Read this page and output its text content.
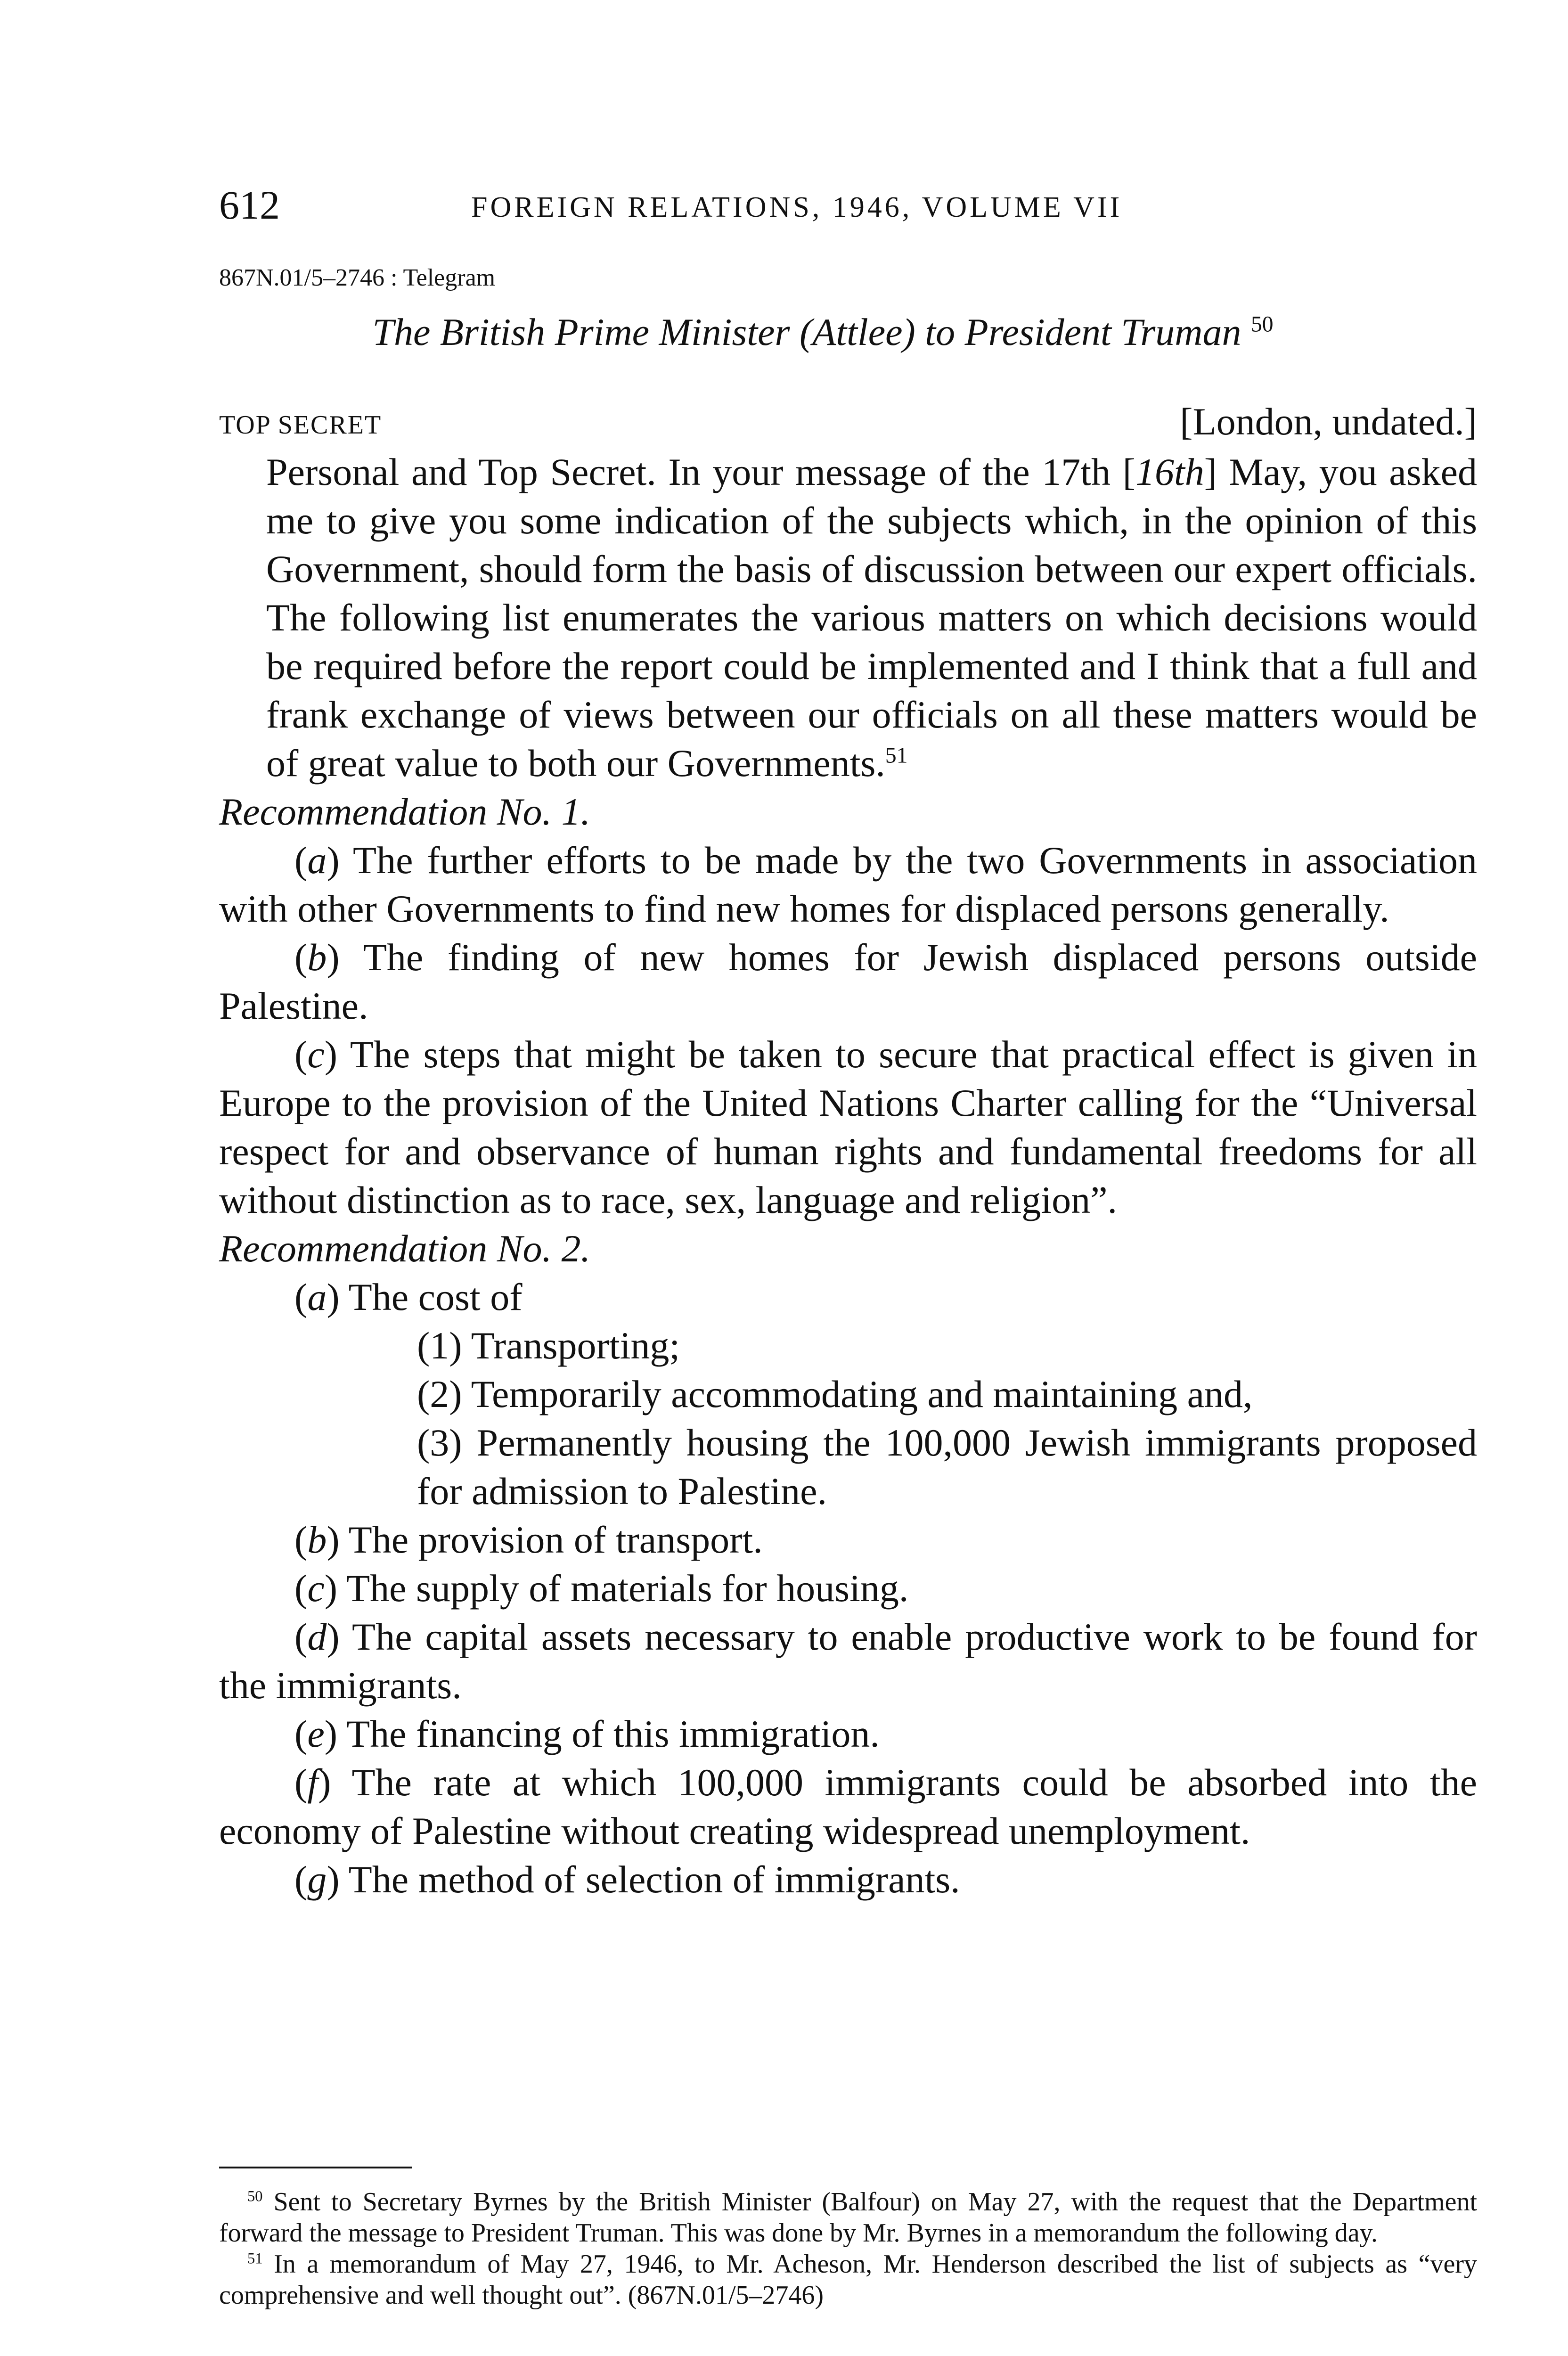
612	FOREIGN RELATIONS, 1946, VOLUME VII
867N.01/5–2746 : Telegram
The British Prime Minister (Attlee) to President Truman $^{50}$
TOP SECRET	[London, undated.]

Personal and Top Secret. In your message of the 17th [16th] May, you asked me to give you some indication of the subjects which, in the opinion of this Government, should form the basis of discussion between our expert officials. The following list enumerates the various matters on which decisions would be required before the report could be implemented and I think that a full and frank exchange of views between our officials on all these matters would be of great value to both our Governments.$^{51}$

Recommendation No. 1.

(a) The further efforts to be made by the two Governments in association with other Governments to find new homes for displaced persons generally.

(b) The finding of new homes for Jewish displaced persons outside Palestine.

(c) The steps that might be taken to secure that practical effect is given in Europe to the provision of the United Nations Charter calling for the “Universal respect for and observance of human rights and fundamental freedoms for all without distinction as to race, sex, language and religion”.

Recommendation No. 2.

(a) The cost of

(1) Transporting;

(2) Temporarily accommodating and maintaining and,

(3) Permanently housing the 100,000 Jewish immigrants proposed for admission to Palestine.

(b) The provision of transport.

(c) The supply of materials for housing.

(d) The capital assets necessary to enable productive work to be found for the immigrants.

(e) The financing of this immigration.

(f) The rate at which 100,000 immigrants could be absorbed into the economy of Palestine without creating widespread unemployment.

(g) The method of selection of immigrants.

$^{50}$ Sent to Secretary Byrnes by the British Minister (Balfour) on May 27, with the request that the Department forward the message to President Truman. This was done by Mr. Byrnes in a memorandum the following day.

$^{51}$ In a memorandum of May 27, 1946, to Mr. Acheson, Mr. Henderson described the list of subjects as “very comprehensive and well thought out”. (867N.01/5–2746)
